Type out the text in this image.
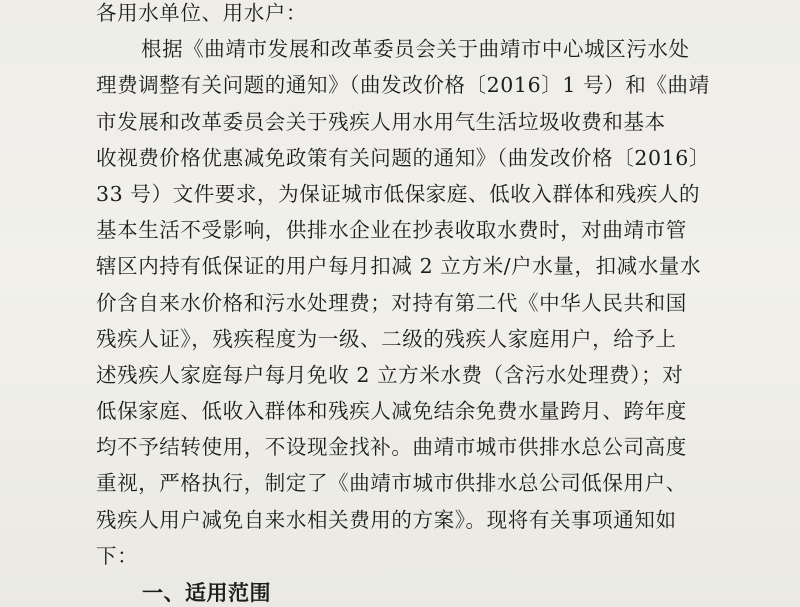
各用水单位、用水户：
根据《曲靖市发展和改革委员会关于曲靖市中心城区污水处
理费调整有关问题的通知》（曲发改价格〔2016〕1 号）和《曲靖
市发展和改革委员会关于残疾人用水用气生活垃圾收费和基本
收视费价格优惠减免政策有关问题的通知》（曲发改价格〔2016〕
33 号）文件要求，为保证城市低保家庭、低收入群体和残疾人的
基本生活不受影响，供排水企业在抄表收取水费时，对曲靖市管
辖区内持有低保证的用户每月扣减 2 立方米/户水量，扣减水量水
价含自来水价格和污水处理费；对持有第二代《中华人民共和国
残疾人证》，残疾程度为一级、二级的残疾人家庭用户，给予上
述残疾人家庭每户每月免收 2 立方米水费（含污水处理费）；对
低保家庭、低收入群体和残疾人减免结余免费水量跨月、跨年度
均不予结转使用，不设现金找补。曲靖市城市供排水总公司高度
重视，严格执行，制定了《曲靖市城市供排水总公司低保用户、
残疾人用户减免自来水相关费用的方案》。现将有关事项通知如
下：
一、适用范围
